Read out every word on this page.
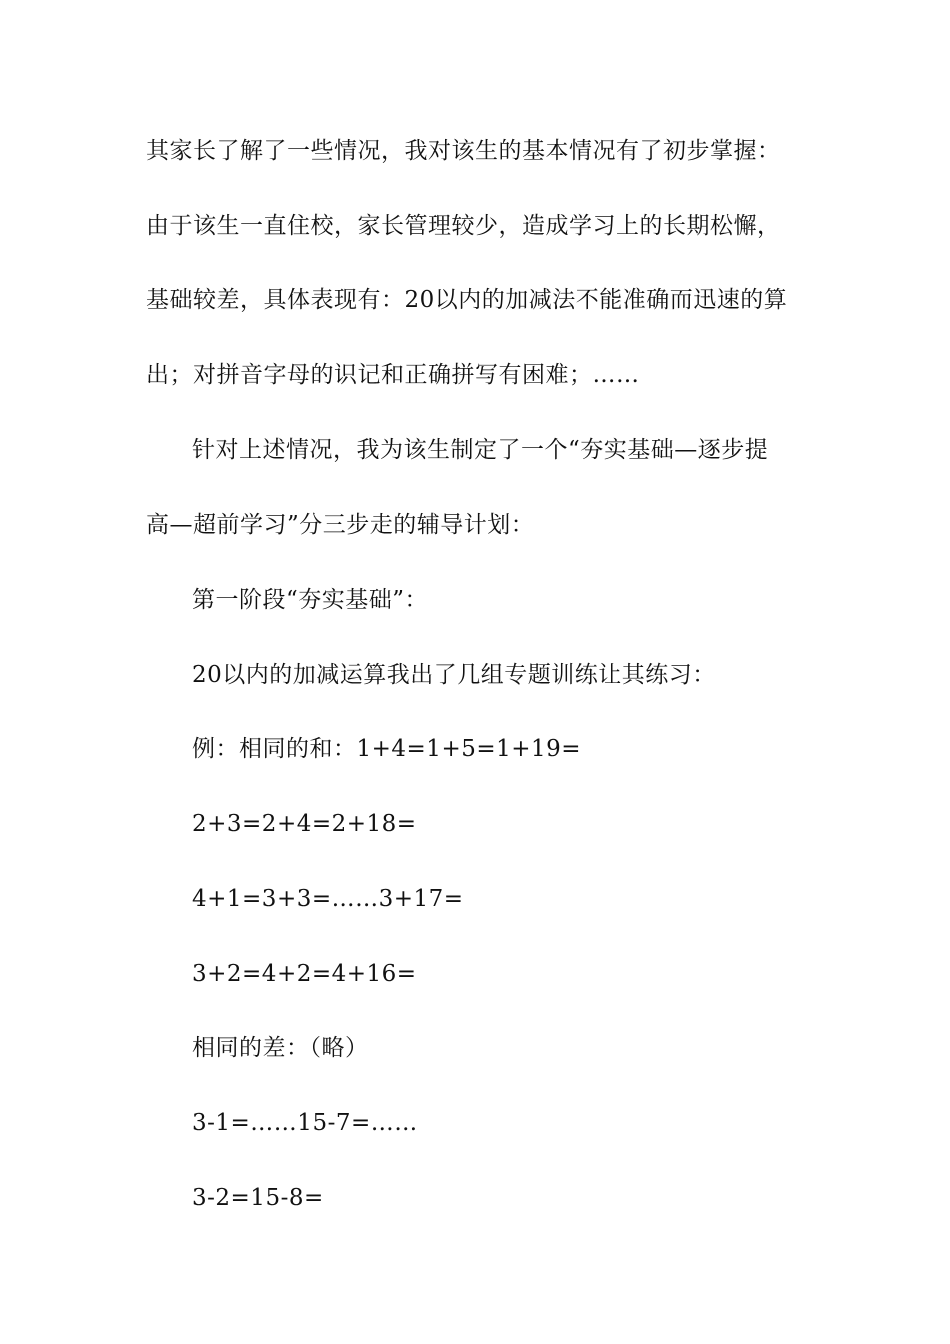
其家长了解了一些情况，我对该生的基本情况有了初步掌握：
由于该生一直住校，家长管理较少，造成学习上的长期松懈，
基础较差，具体表现有：20以内的加减法不能准确而迅速的算
出；对拼音字母的识记和正确拼写有困难；……
针对上述情况，我为该生制定了一个“夯实基础—逐步提
高—超前学习”分三步走的辅导计划：
第一阶段“夯实基础”：
20以内的加减运算我出了几组专题训练让其练习：
例：相同的和：1+4=1+5=1+19=
2+3=2+4=2+18=
4+1=3+3=……3+17=
3+2=4+2=4+16=
相同的差：（略）
3-1=……15-7=……
3-2=15-8=
